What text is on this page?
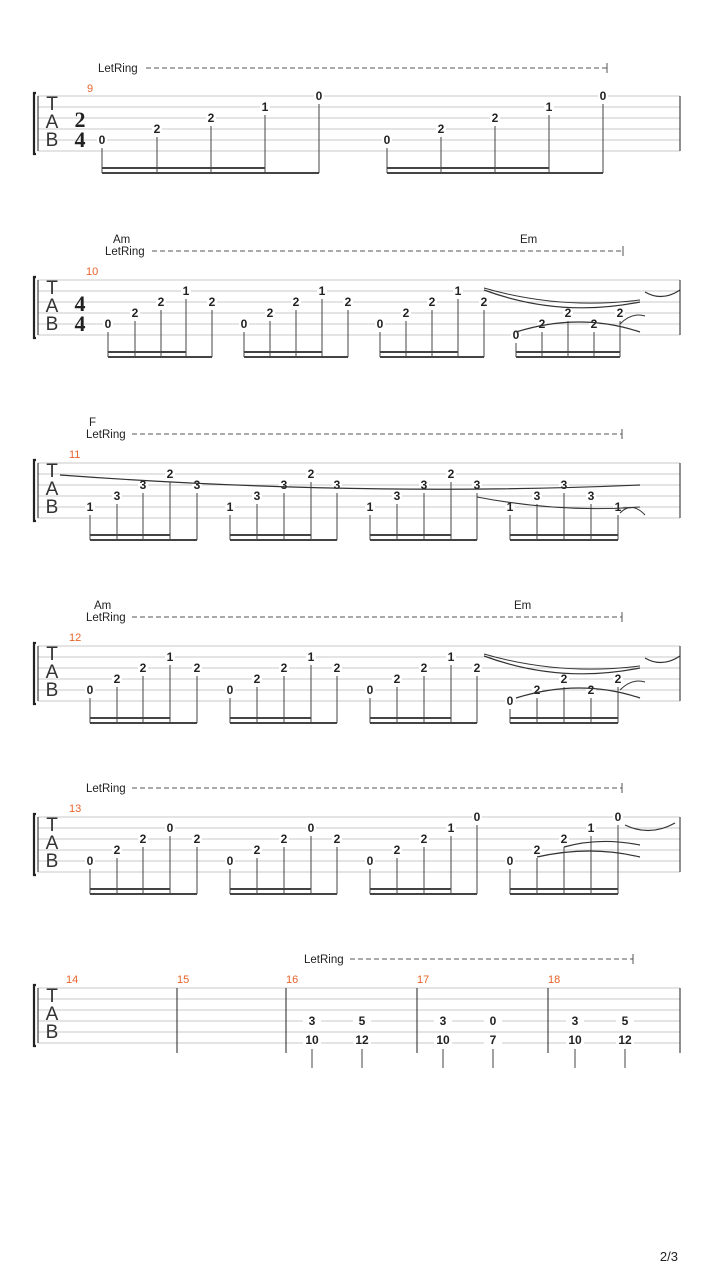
T
A
B
2
4
LetRing
9
0
2
2
1
0
0
2
2
1
0
T
A
B
4
4
LetRing
Am	Em
10
0
2
2
1
2
0
2
2
1
2
0
2
2
1
2
0
2
2
2
2
T
A
B
LetRing
F
11
1
3
3
2
3
1
3
3
2
3
1
3
3
2
3
1
3
3
3
1
T
A
B
LetRing
Am	Em
12
0
2
2
1
2
0
2
2
1
2
0
2
2
1
2
0
2
2
2
2
T
A
B
LetRing
13
0
2
2
0
2
0
2
2
0
2
0
2
2
1
0
0
2
2
1
0
T
A
B
LetRing
14	15	16	17	18
3
10
5
12
3
10
0
7
3
10
5
12
2/3
